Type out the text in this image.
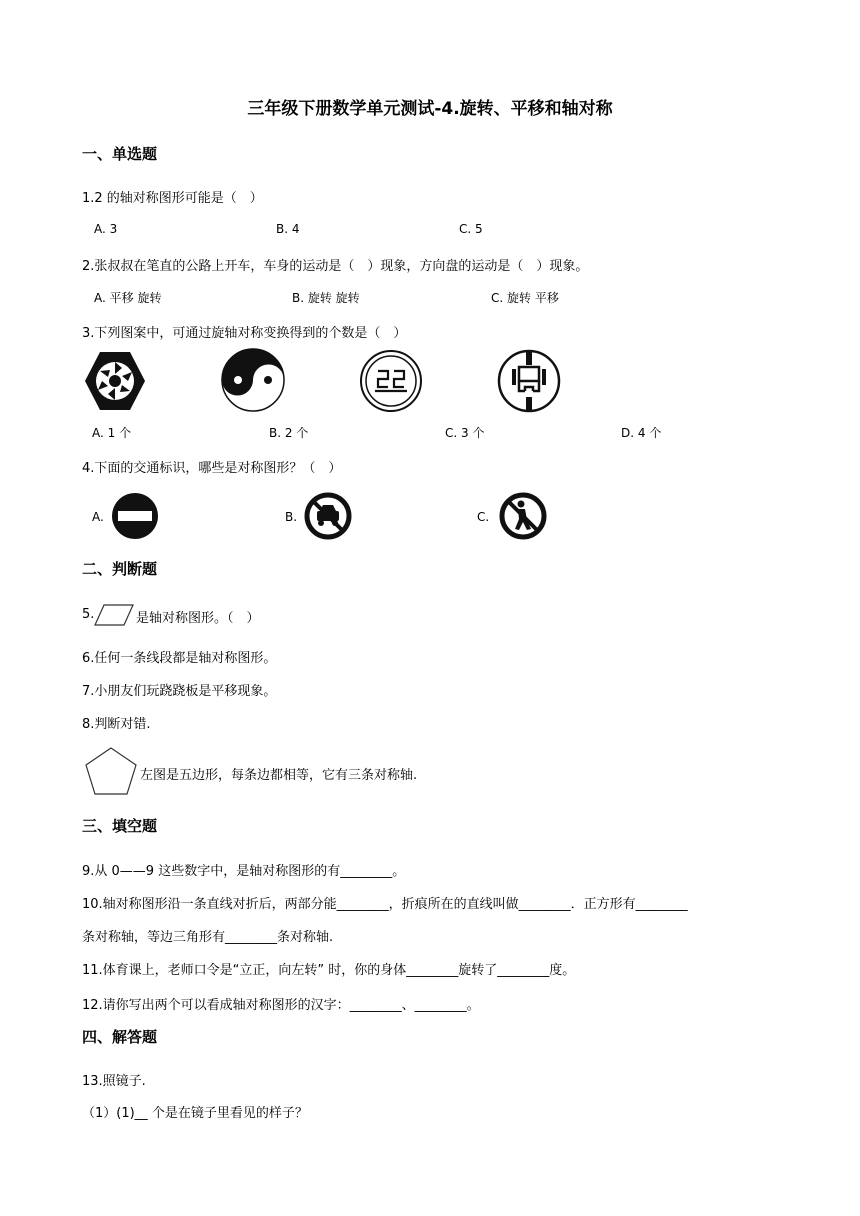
三年级下册数学单元测试-4.旋转、平移和轴对称
一、单选题
1.2 的轴对称图形可能是（　）
A. 3	B. 4	C. 5
2.张叔叔在笔直的公路上开车，车身的运动是（　）现象，方向盘的运动是（　）现象。
A. 平移 旋转	B. 旋转 旋转	C. 旋转 平移
3.下列图案中，可通过旋轴对称变换得到的个数是（　）
A. 1 个	B. 2 个	C. 3 个	D. 4 个
4.下面的交通标识，哪些是对称图形？（　）
A.	B.	C.
二、判断题
5.	是轴对称图形。（　）
6.任何一条线段都是轴对称图形。
7.小朋友们玩跷跷板是平移现象。
8.判断对错.
左图是五边形，每条边都相等，它有三条对称轴.
三、填空题
9.从 0——9 这些数字中，是轴对称图形的有________。
10.轴对称图形沿一条直线对折后，两部分能________，折痕所在的直线叫做________．正方形有________
条对称轴，等边三角形有________条对称轴.
11.体育课上，老师口令是“立正，向左转” 时，你的身体________旋转了________度。
12.请你写出两个可以看成轴对称图形的汉字：________、________。
四、解答题
13.照镜子.
（1）(1)__ 个是在镜子里看见的样子？
